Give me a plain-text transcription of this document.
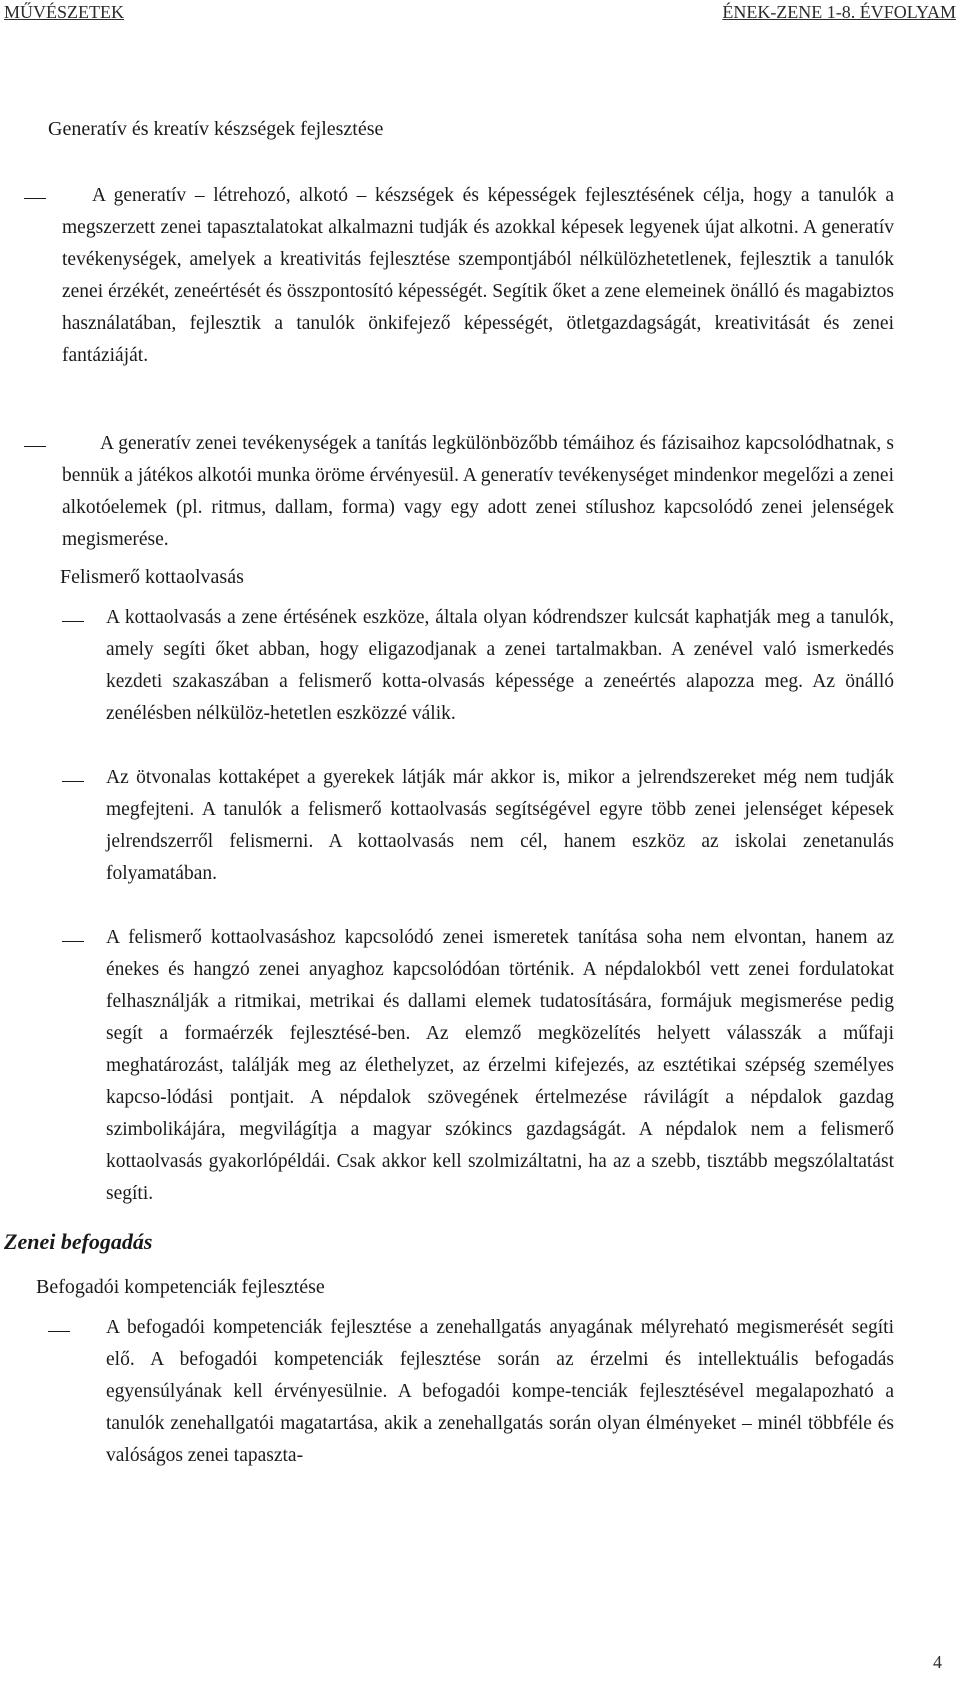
MŰVÉSZETEK	ÉNEK-ZENE 1-8. ÉVFOLYAM
Generatív és kreatív készségek fejlesztése

A generatív – létrehozó, alkotó – készségek és képességek fejlesztésének célja, hogy a tanulók a megszerzett zenei tapasztalatokat alkalmazni tudják és azokkal képesek legyenek újat alkotni. A generatív tevékenységek, amelyek a kreativitás fejlesztése szempontjából nélkülözhetetlenek, fejlesztik a tanulók zenei érzékét, zeneértését és összpontosító képességét. Segítik őket a zene elemeinek önálló és magabiztos használatában, fejlesztik a tanulók önkifejező képességét, ötletgazdagságát, kreativitását és zenei fantáziáját.

A generatív zenei tevékenységek a tanítás legkülönbözőbb témáihoz és fázisaihoz kapcsolódhatnak, s bennük a játékos alkotói munka öröme érvényesül. A generatív tevékenységet mindenkor megelőzi a zenei alkotóelemek (pl. ritmus, dallam, forma) vagy egy adott zenei stílushoz kapcsolódó zenei jelenségek megismerése.

Felismerő kottaolvasás

A kottaolvasás a zene értésének eszköze, általa olyan kódrendszer kulcsát kaphatják meg a tanulók, amely segíti őket abban, hogy eligazodjanak a zenei tartalmakban. A zenével való ismerkedés kezdeti szakaszában a felismerő kotta-olvasás képessége a zeneértés alapozza meg. Az önálló zenélésben nélkülöz-hetetlen eszközzé válik.

Az ötvonalas kottaképet a gyerekek látják már akkor is, mikor a jelrendszereket még nem tudják megfejteni. A tanulók a felismerő kottaolvasás segítségével egyre több zenei jelenséget képesek jelrendszerről felismerni. A kottaolvasás nem cél, hanem eszköz az iskolai zenetanulás folyamatában.

A felismerő kottaolvasáshoz kapcsolódó zenei ismeretek tanítása soha nem elvontan, hanem az énekes és hangzó zenei anyaghoz kapcsolódóan történik. A népdalokból vett zenei fordulatokat felhasználják a ritmikai, metrikai és dallami elemek tudatosítására, formájuk megismerése pedig segít a formaérzék fejlesztésé-ben. Az elemző megközelítés helyett válasszák a műfaji meghatározást, találják meg az élethelyzet, az érzelmi kifejezés, az esztétikai szépség személyes kapcso-lódási pontjait. A népdalok szövegének értelmezése rávilágít a népdalok gazdag szimbolikájára, megvilágítja a magyar szókincs gazdagságát. A népdalok nem a felismerő kottaolvasás gyakorlópéldái. Csak akkor kell szolmizáltatni, ha az a szebb, tisztább megszólaltatást segíti.

Zenei befogadás
Befogadói kompetenciák fejlesztése

A befogadói kompetenciák fejlesztése a zenehallgatás anyagának mélyreható megismerését segíti elő. A befogadói kompetenciák fejlesztése során az érzelmi és intellektuális befogadás egyensúlyának kell érvényesülnie. A befogadói kompe-tenciák fejlesztésével megalapozható a tanulók zenehallgatói magatartása, akik a zenehallgatás során olyan élményeket – minél többféle és valóságos zenei tapaszta-

4
